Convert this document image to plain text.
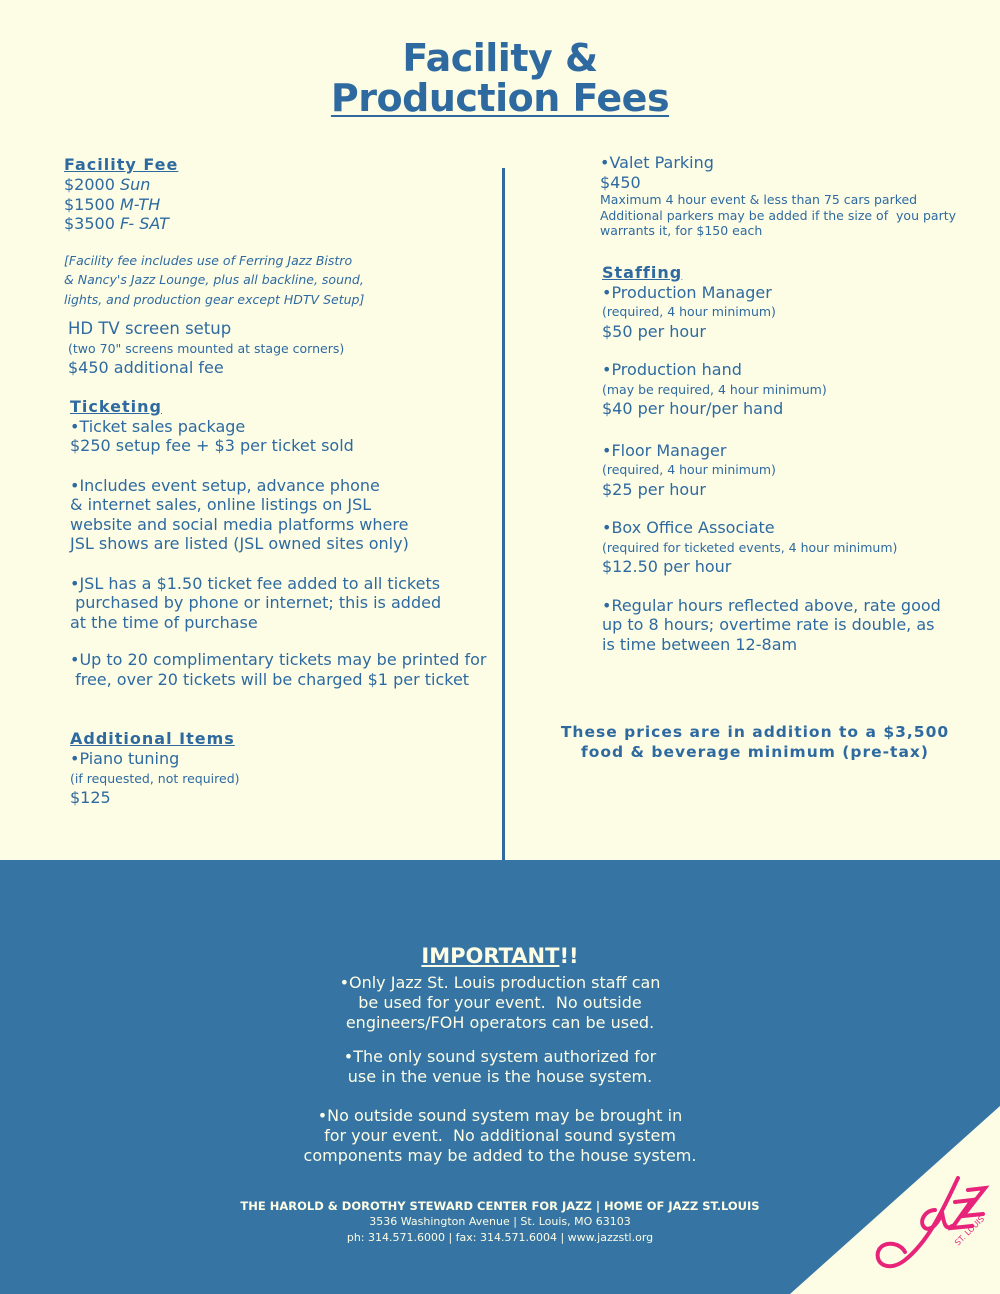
Facility &
Production Fees

Facility Fee

$2000 Sun

$1500 M-TH

$3500 F- SAT

[Facility fee includes use of Ferring Jazz Bistro

& Nancy's Jazz Lounge, plus all backline, sound,

lights, and production gear except HDTV Setup]

HD TV screen setup

(two 70" screens mounted at stage corners)

$450 additional fee

Ticketing

•Ticket sales package

$250 setup fee + $3 per ticket sold

•Includes event setup, advance phone

& internet sales, online listings on JSL

website and social media platforms where

JSL shows are listed (JSL owned sites only)

•JSL has a $1.50 ticket fee added to all tickets

purchased by phone or internet; this is added

at the time of purchase

•Up to 20 complimentary tickets may be printed for

free, over 20 tickets will be charged $1 per ticket

Additional Items

•Piano tuning

(if requested, not required)

$125

•Valet Parking

$450

Maximum 4 hour event & less than 75 cars parked

Additional parkers may be added if the size of  you party

warrants it, for $150 each

Staffing

•Production Manager

(required, 4 hour minimum)

$50 per hour

•Production hand

(may be required, 4 hour minimum)

$40 per hour/per hand

•Floor Manager

(required, 4 hour minimum)

$25 per hour

•Box Office Associate

(required for ticketed events, 4 hour minimum)

$12.50 per hour

•Regular hours reflected above, rate good

up to 8 hours; overtime rate is double, as

is time between 12-8am

These prices are in addition to a $3,500
food & beverage minimum (pre-tax)
ST. LOUIS
IMPORTANT!!
•Only Jazz St. Louis production staff can
be used for your event.  No outside
engineers/FOH operators can be used.
•The only sound system authorized for
use in the venue is the house system.
•No outside sound system may be brought in
for your event.  No additional sound system
components may be added to the house system.
THE HAROLD & DOROTHY STEWARD CENTER FOR JAZZ | HOME OF JAZZ ST.LOUIS
3536 Washington Avenue | St. Louis, MO 63103
ph: 314.571.6000 | fax: 314.571.6004 | www.jazzstl.org
